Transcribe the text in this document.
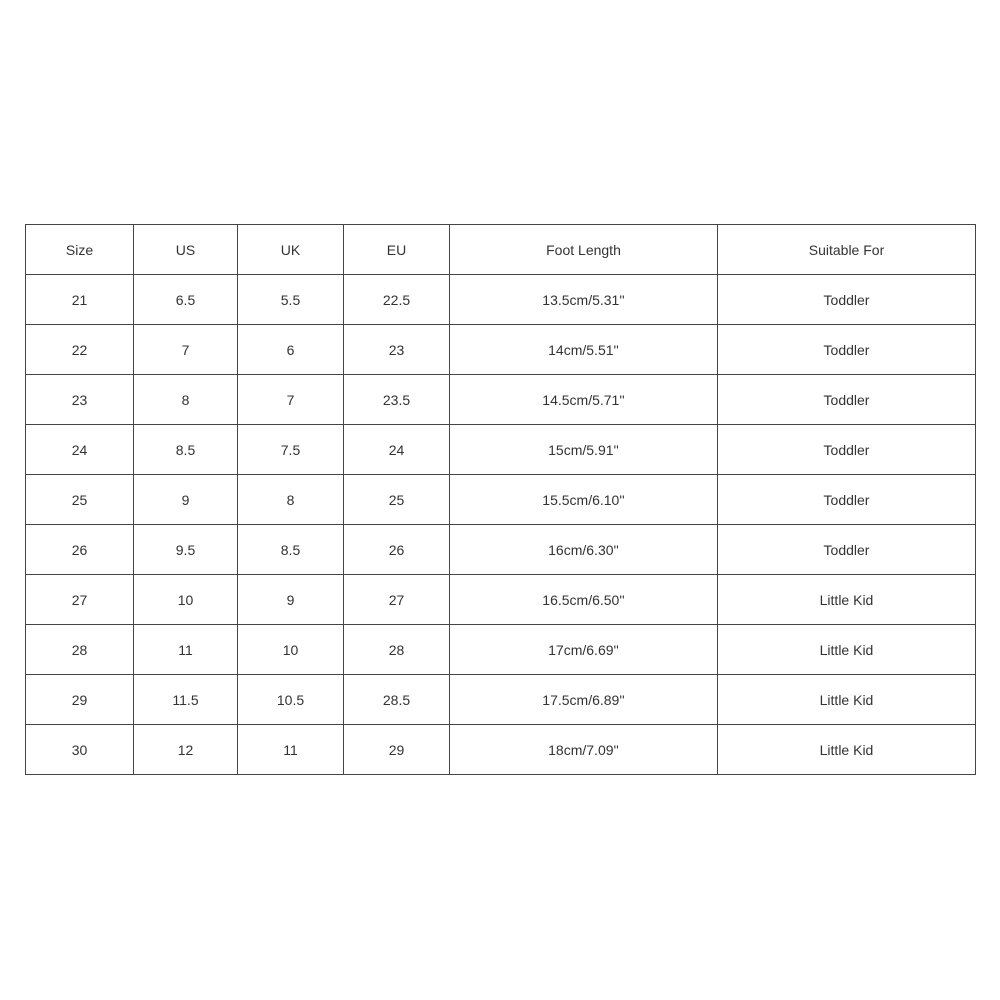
Size	US	UK	EU	Foot Length	Suitable For
21	6.5	5.5	22.5	13.5cm/5.31''	Toddler
22	7	6	23	14cm/5.51''	Toddler
23	8	7	23.5	14.5cm/5.71''	Toddler
24	8.5	7.5	24	15cm/5.91''	Toddler
25	9	8	25	15.5cm/6.10''	Toddler
26	9.5	8.5	26	16cm/6.30''	Toddler
27	10	9	27	16.5cm/6.50''	Little Kid
28	11	10	28	17cm/6.69''	Little Kid
29	11.5	10.5	28.5	17.5cm/6.89''	Little Kid
30	12	11	29	18cm/7.09''	Little Kid
